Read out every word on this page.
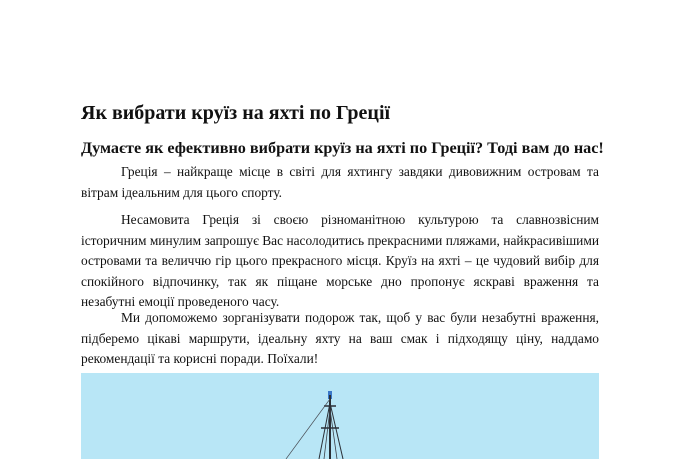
Як вибрати круїз на яхті по Греції
Думаєте як ефективно вибрати круїз на яхті по Греції? Тоді вам до нас!

Греція – найкраще місце в світі для яхтингу завдяки дивовижним островам та вітрам ідеальним для цього спорту.

Несамовита Греція зі своєю різноманітною культурою та славнозвісним історичним минулим запрошує Вас насолодитись прекрасними пляжами, найкрасивішими островами та величчю гір цього прекрасного місця. Круїз на яхті – це чудовий вибір для спокійного відпочинку, так як піщане морське дно пропонує яскраві враження та незабутні емоції проведеного часу.

Ми допоможемо зорганізувати подорож так, щоб у вас були незабутні враження, підберемо цікаві маршрути, ідеальну яхту на ваш смак і підходящу ціну, наддамо рекомендації та корисні поради. Поїхали!
